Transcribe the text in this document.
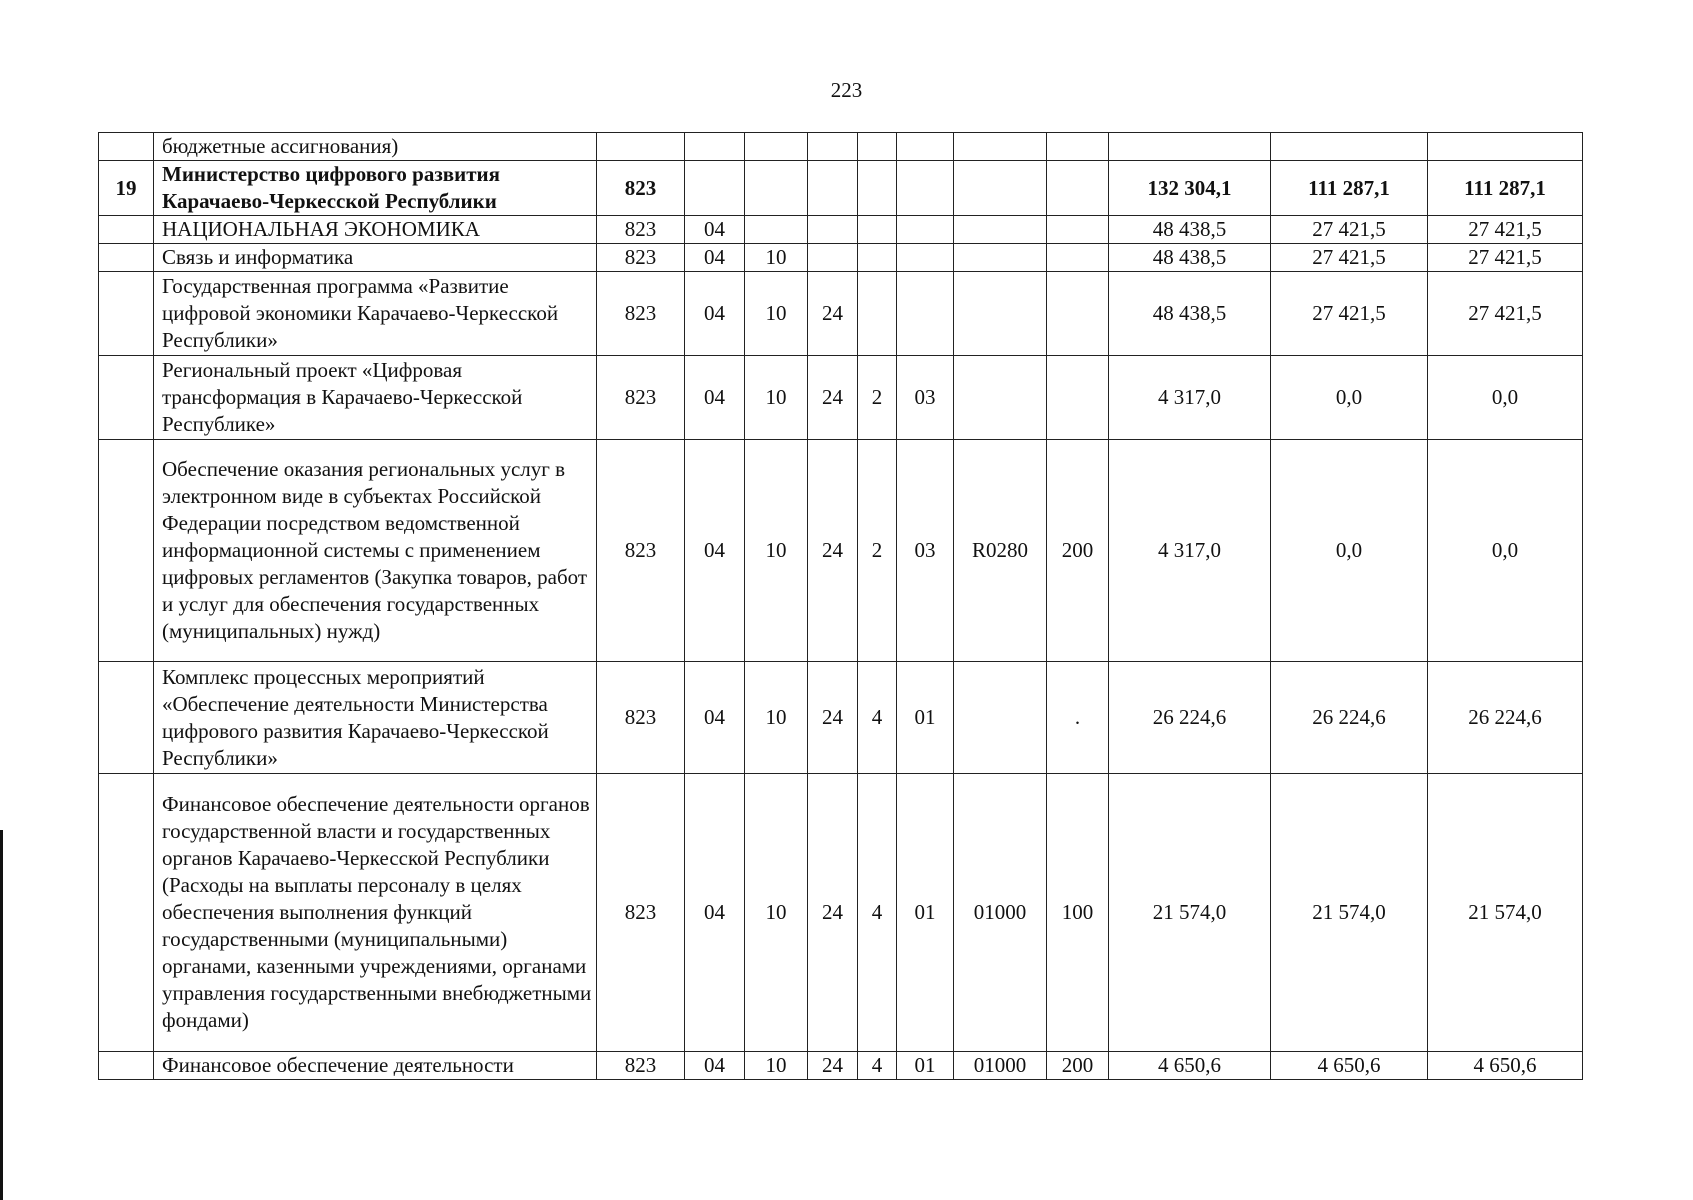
223
	бюджетные ассигнования)											
19	Министерство цифрового развития Карачаево-Черкесской Республики	823								132 304,1	111 287,1	111 287,1
	НАЦИОНАЛЬНАЯ ЭКОНОМИКА	823	04							48 438,5	27 421,5	27 421,5
	Связь и информатика	823	04	10						48 438,5	27 421,5	27 421,5
	Государственная программа «Развитие цифровой экономики Карачаево-Черкесской Республики»	823	04	10	24					48 438,5	27 421,5	27 421,5
	Региональный проект «Цифровая трансформация в Карачаево-Черкесской Республике»	823	04	10	24	2	03			4 317,0	0,0	0,0
	Обеспечение оказания региональных услуг в электронном виде в субъектах Российской Федерации посредством ведомственной информационной системы с применением цифровых регламентов (Закупка товаров, работ и услуг для обеспечения государственных (муниципальных) нужд)	823	04	10	24	2	03	R0280	200	4 317,0	0,0	0,0
	Комплекс процессных мероприятий «Обеспечение деятельности Министерства цифрового развития Карачаево-Черкесской Республики»	823	04	10	24	4	01		.	26 224,6	26 224,6	26 224,6
	Финансовое обеспечение деятельности органов государственной власти и государственных органов Карачаево-Черкесской Республики (Расходы на выплаты персоналу в целях обеспечения выполнения функций государственными (муниципальными) органами, казенными учреждениями, органами управления государственными внебюджетными фондами)	823	04	10	24	4	01	01000	100	21 574,0	21 574,0	21 574,0
	Финансовое обеспечение деятельности	823	04	10	24	4	01	01000	200	4 650,6	4 650,6	4 650,6
